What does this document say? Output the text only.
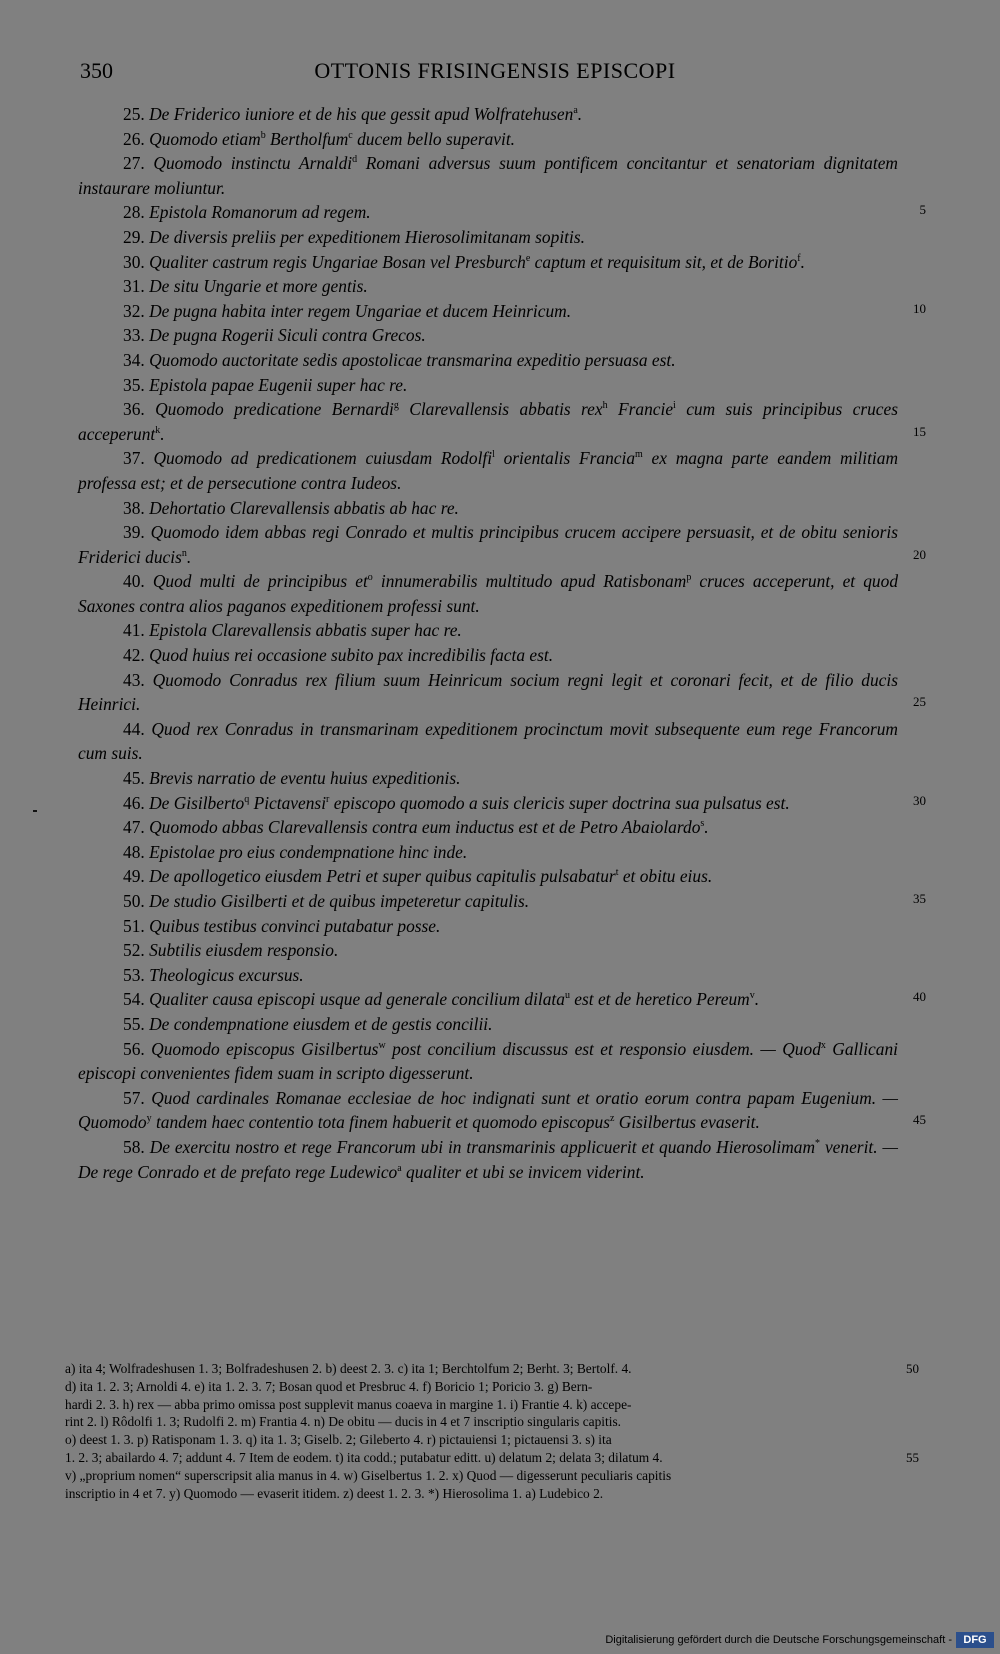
350	OTTONIS FRISINGENSIS EPISCOPI
25. De Friderico iuniore et de his que gessit apud Wolfratehusen$^a$.
26. Quomodo etiam$^b$ Bertholfum$^c$ ducem bello superavit.
27. Quomodo instinctu Arnaldi$^d$ Romani adversus suum pontificem concitantur et senatoriam dignitatem instaurare moliuntur.
28. Epistola Romanorum ad regem.	5
29. De diversis preliis per expeditionem Hierosolimitanam sopitis.
30. Qualiter castrum regis Ungariae Bosan vel Presburch$^e$ captum et requisitum sit, et de Boritio$^f$.
31. De situ Ungarie et more gentis.
32. De pugna habita inter regem Ungariae et ducem Heinricum.	10
33. De pugna Rogerii Siculi contra Grecos.
34. Quomodo auctoritate sedis apostolicae transmarina expeditio persuasa est.
35. Epistola papae Eugenii super hac re.
36. Quomodo predicatione Bernardi$^g$ Clarevallensis abbatis rex$^h$ Francie$^i$ cum suis principibus cruces acceperunt$^k$.	15
37. Quomodo ad predicationem cuiusdam Rodolfi$^l$ orientalis Francia$^m$ ex magna parte eandem militiam professa est; et de persecutione contra Iudeos.
38. Dehortatio Clarevallensis abbatis ab hac re.
39. Quomodo idem abbas regi Conrado et multis principibus crucem accipere persuasit, et de obitu senioris Friderici ducis$^n$.	20
40. Quod multi de principibus $et^o$ innumerabilis multitudo apud Ratisbonam$^p$ cruces acceperunt, et quod Saxones contra alios paganos expeditionem professi sunt.
41. Epistola Clarevallensis abbatis super hac re.
42. Quod huius rei occasione subito pax incredibilis facta est.
43. Quomodo Conradus rex filium suum Heinricum socium regni legit et coronari fecit, et de filio ducis Heinrici.	25
44. Quod rex Conradus in transmarinam expeditionem procinctum movit subsequente eum rege Francorum cum suis.
45. Brevis narratio de eventu huius expeditionis.
46. De Gisilberto$^q$ Pictavensi$^r$ episcopo quomodo a suis clericis super doctrina sua pulsatus est.	30
47. Quomodo abbas Clarevallensis contra eum inductus est et de Petro Abaiolardo$^s$.
48. Epistolae pro eius condempnatione hinc inde.
49. De apollogetico eiusdem Petri et super quibus capitulis pulsabatur$^t$ et obitu eius.
50. De studio Gisilberti et de quibus impeteretur capitulis.	35
51. Quibus testibus convinci putabatur posse.
52. Subtilis eiusdem responsio.
53. Theologicus excursus.
54. Qualiter causa episcopi usque ad generale concilium dilata$^u$ est et de heretico Pereum$^v$.	40
55. De condempnatione eiusdem et de gestis concilii.
56. Quomodo episcopus Gisilbertus$^w$ post concilium discussus est et responsio eiusdem. — Quod$^x$ Gallicani episcopi convenientes fidem suam in scripto digesserunt.
57. Quod cardinales Romanae ecclesiae de hoc indignati sunt et oratio eorum contra papam Eugenium. — Quomodo$^y$ tandem haec contentio tota finem habuerit et quomodo episcopus$^z$ Gisilbertus evaserit.	45
58. De exercitu nostro et rege Francorum ubi in transmarinis applicuerit et quando Hierosolimam* venerit. — De rege Conrado et de prefato rege Ludewico$^a$ qualiter et ubi se invicem viderint.

a) ita 4; Wolfradeshusen 1. 3; Bolfradeshusen 2. b) deest 2. 3. c) ita 1; Berchtolfum 2; Berht. 3; Bertolf. 4.	50

d) ita 1. 2. 3; Arnoldi 4. e) ita 1. 2. 3. 7; Bosan quod et Presbruc 4. f) Boricio 1; Poricio 3. g) Bern-

hardi 2. 3. h) rex — abba primo omissa post supplevit manus coaeva in margine 1. i) Frantie 4. k) accepe-

rint 2. l) Rôdolfi 1. 3; Rudolfi 2. m) Frantia 4. n) De obitu — ducis in 4 et 7 inscriptio singularis capitis.

o) deest 1. 3. p) Ratisponam 1. 3. q) ita 1. 3; Giselb. 2; Gileberto 4. r) pictauiensi 1; pictauensi 3. s) ita

1. 2. 3; abailardo 4. 7; addunt 4. 7 Item de eodem. t) ita codd.; putabatur editt. u) delatum 2; delata 3; dilatum 4.	55

v) „proprium nomen“ superscripsit alia manus in 4. w) Giselbertus 1. 2. x) Quod — digesserunt peculiaris capitis

inscriptio in 4 et 7. y) Quomodo — evaserit itidem. z) deest 1. 2. 3. *) Hierosolima 1. a) Ludebico 2.

Digitalisierung gefördert durch die Deutsche Forschungsgemeinschaft -	DFG
